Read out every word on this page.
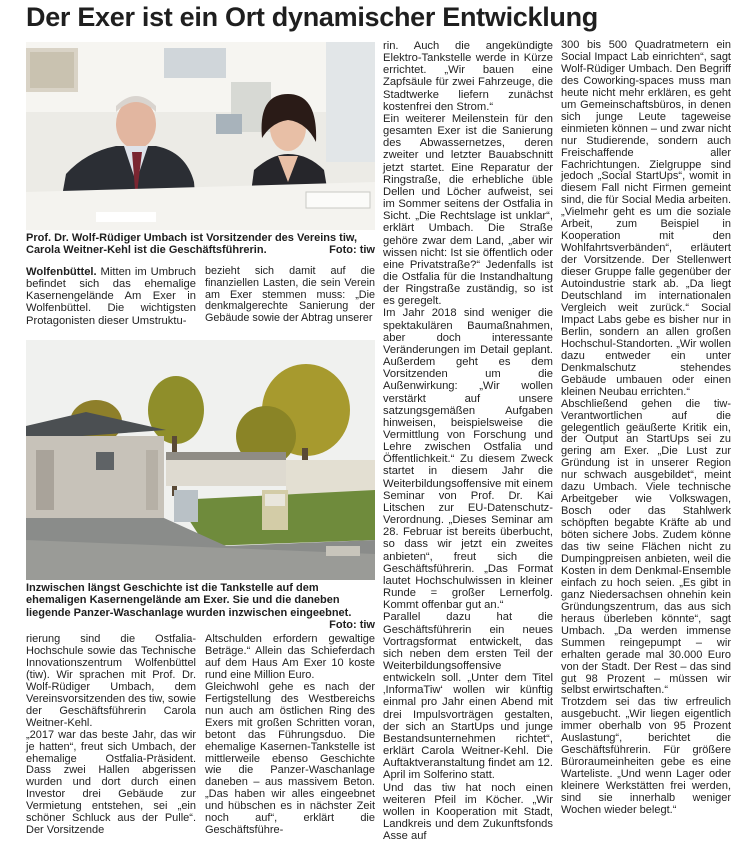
Der Exer ist ein Ort dynamischer Entwicklung
Prof. Dr. Wolf-Rüdiger Umbach ist Vorsitzender des Vereins tiw, Carola Weitner-Kehl ist die Geschäftsführerin.	Foto: tiw

Wolfenbüttel. Mitten im Umbruch befindet sich das ehemalige Kasernengelände Am Exer in Wolfenbüttel. Die wichtigsten Protagonisten dieser Umstruktu-

bezieht sich damit auf die finanziellen Lasten, die sein Verein am Exer stemmen muss: „Die denkmalgerechte Sanierung der Gebäude sowie der Abtrag unserer

Inzwischen längst Geschichte ist die Tankstelle auf dem ehemaligen Kasernengelände am Exer. Sie und die daneben liegende Panzer-Waschanlage wurden inzwischen eingeebnet.
Foto: tiw

rierung sind die Ostfalia-Hochschule sowie das Technische Innovationszentrum Wolfenbüttel (tiw). Wir sprachen mit Prof. Dr. Wolf-Rüdiger Umbach, dem Vereinsvorsitzenden des tiw, sowie der Geschäftsführerin Carola Weitner-Kehl.

„2017 war das beste Jahr, das wir je hatten“, freut sich Umbach, der ehemalige Ostfalia-Präsident. Dass zwei Hallen abgerissen wurden und dort durch einen Investor drei Gebäude zur Vermietung entstehen, sei „ein schöner Schluck aus der Pulle“. Der Vorsitzende

Altschulden erfordern gewaltige Beträge.“ Allein das Schieferdach auf dem Haus Am Exer 10 koste rund eine Million Euro.

Gleichwohl gehe es nach der Fertigstellung des Westbereichs nun auch am östlichen Ring des Exers mit großen Schritten voran, betont das Führungsduo. Die ehemalige Kasernen-Tankstelle ist mittlerweile ebenso Geschichte wie die Panzer-Waschanlage daneben – aus massivem Beton. „Das haben wir alles eingeebnet und hübschen es in nächster Zeit noch auf“, erklärt die Geschäftsführe-

rin. Auch die angekündigte Elektro-Tankstelle werde in Kürze errichtet. „Wir bauen eine Zapfsäule für zwei Fahrzeuge, die Stadtwerke liefern zunächst kostenfrei den Strom.“

Ein weiterer Meilenstein für den gesamten Exer ist die Sanierung des Abwassernetzes, deren zweiter und letzter Bauabschnitt jetzt startet. Eine Reparatur der Ringstraße, die erhebliche üble Dellen und Löcher aufweist, sei im Sommer seitens der Ostfalia in Sicht. „Die Rechtslage ist unklar“, erklärt Umbach. Die Straße gehöre zwar dem Land, „aber wir wissen nicht: Ist sie öffentlich oder eine Privatstraße?“ Jedenfalls ist die Ostfalia für die Instandhaltung der Ringstraße zuständig, so ist es geregelt.

Im Jahr 2018 sind weniger die spektakulären Baumaßnahmen, aber doch interessante Veränderungen im Detail geplant. Außerdem geht es dem Vorsitzenden um die Außenwirkung: „Wir wollen verstärkt auf unsere satzungsgemäßen Aufgaben hinweisen, beispielsweise die Vermittlung von Forschung und Lehre zwischen Ostfalia und Öffentlichkeit.“ Zu diesem Zweck startet in diesem Jahr die Weiterbildungsoffensive mit einem Seminar von Prof. Dr. Kai Litschen zur EU-Datenschutz-Verordnung. „Dieses Seminar am 28. Februar ist bereits überbucht, so dass wir jetzt ein zweites anbieten“, freut sich die Geschäftsführerin. „Das Format lautet Hochschulwissen in kleiner Runde = großer Lernerfolg. Kommt offenbar gut an.“

Parallel dazu hat die Geschäftsführerin ein neues Vortragsformat entwickelt, das sich neben dem ersten Teil der Weiterbildungsoffensive entwickeln soll. „Unter dem Titel ‚InformaTiw‘ wollen wir künftig einmal pro Jahr einen Abend mit drei Impulsvorträgen gestalten, der sich an StartUps und junge Bestandsunternehmen richtet“, erklärt Carola Weitner-Kehl. Die Auftaktveranstaltung findet am 12. April im Solferino statt.

Und das tiw hat noch einen weiteren Pfeil im Köcher. „Wir wollen in Kooperation mit Stadt, Landkreis und dem Zukunftsfonds Asse auf

300 bis 500 Quadratmetern ein Social Impact Lab einrichten“, sagt Wolf-Rüdiger Umbach. Den Begriff des Coworking-spaces muss man heute nicht mehr erklären, es geht um Gemeinschaftsbüros, in denen sich junge Leute tageweise einmieten können – und zwar nicht nur Studierende, sondern auch Freischaffende aller Fachrichtungen. Zielgruppe sind jedoch „Social StartUps“, womit in diesem Fall nicht Firmen gemeint sind, die für Social Media arbeiten. „Vielmehr geht es um die soziale Arbeit, zum Beispiel in Kooperation mit den Wohlfahrtsverbänden“, erläutert der Vorsitzende. Der Stellenwert dieser Gruppe falle gegenüber der Autoindustrie stark ab. „Da liegt Deutschland im internationalen Vergleich weit zurück.“ Social Impact Labs gebe es bisher nur in Berlin, sondern an allen großen Hochschul-Standorten. „Wir wollen dazu entweder ein unter Denkmalschutz stehendes Gebäude umbauen oder einen kleinen Neubau errichten.“

Abschließend gehen die tiw-Verantwortlichen auf die gelegentlich geäußerte Kritik ein, der Output an StartUps sei zu gering am Exer. „Die Lust zur Gründung ist in unserer Region nur schwach ausgebildet“, meint dazu Umbach. Viele technische Arbeitgeber wie Volkswagen, Bosch oder das Stahlwerk schöpften begabte Kräfte ab und böten sichere Jobs. Zudem könne das tiw seine Flächen nicht zu Dumpingpreisen anbieten, weil die Kosten in dem Denkmal-Ensemble einfach zu hoch seien. „Es gibt in ganz Niedersachsen ohnehin kein Gründungszentrum, das aus sich heraus überleben könnte“, sagt Umbach. „Da werden immense Summen reingepumpt – wir erhalten gerade mal 30.000 Euro von der Stadt. Der Rest – das sind gut 98 Prozent – müssen wir selbst erwirtschaften.“

Trotzdem sei das tiw erfreulich ausgebucht. „Wir liegen eigentlich immer oberhalb von 95 Prozent Auslastung“, berichtet die Geschäftsführerin. Für größere Büroraumeinheiten gebe es eine Warteliste. „Und wenn Lager oder kleinere Werkstätten frei werden, sind sie innerhalb weniger Wochen wieder belegt.“
